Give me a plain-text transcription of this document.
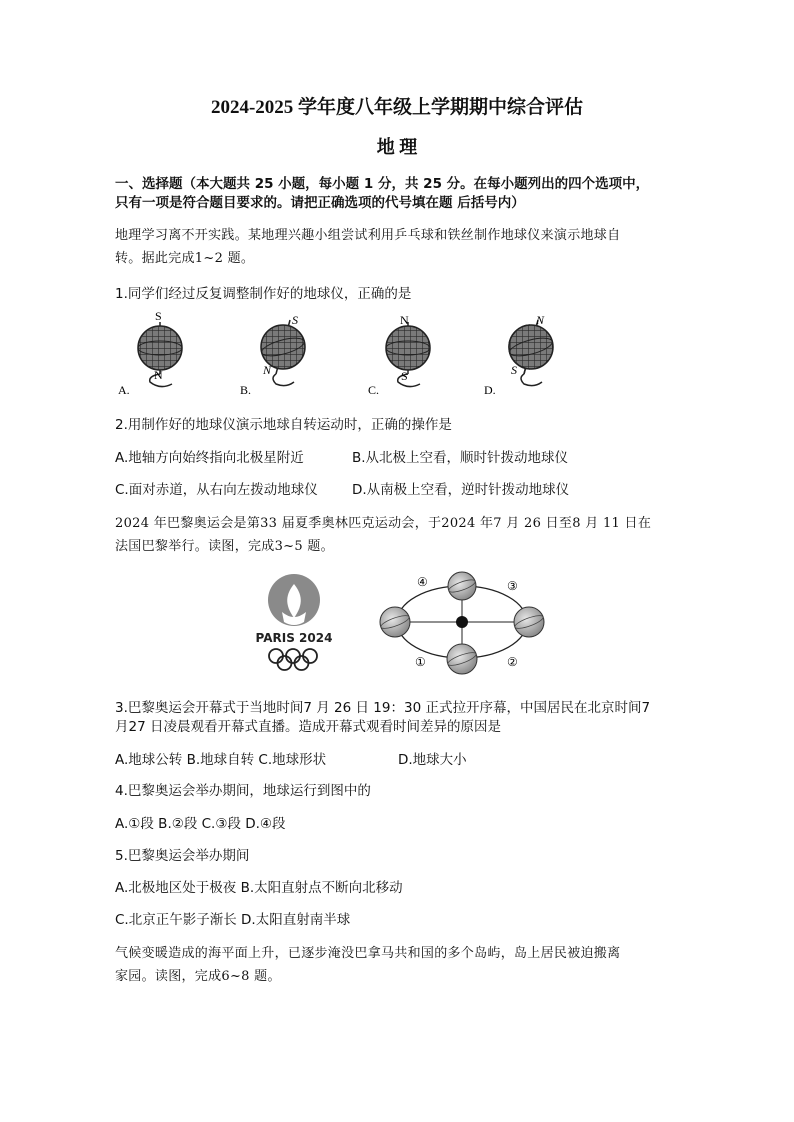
2024-2025 学年度八年级上学期期中综合评估
地 理
一、选择题（本大题共 25 小题，每小题 1 分，共 25 分。在每小题列出的四个选项中，
只有一项是符合题目要求的。请把正确选项的代号填在题 后括号内）
地理学习离不开实践。某地理兴趣小组尝试利用乒乓球和铁丝制作地球仪来演示地球自
转。据此完成1~2 题。
1.同学们经过反复调整制作好的地球仪，正确的是
S
N
A.
S
N
B.
N
S
C.
N
S
D.
2.用制作好的地球仪演示地球自转运动时，正确的操作是
A.地轴方向始终指向北极星附近	B.从北极上空看，顺时针拨动地球仪
C.面对赤道，从右向左拨动地球仪	D.从南极上空看，逆时针拨动地球仪
2024 年巴黎奥运会是第33 届夏季奥林匹克运动会，于2024 年7 月 26 日至8 月 11 日在
法国巴黎举行。读图，完成3~5 题。
PARIS 2024
④	③
①	②
3.巴黎奥运会开幕式于当地时间7 月 26 日 19：30 正式拉开序幕，中国居民在北京时间7
月27 日凌晨观看开幕式直播。造成开幕式观看时间差异的原因是
A.地球公转 B.地球自转 C.地球形状	D.地球大小
4.巴黎奥运会举办期间，地球运行到图中的
A.①段 B.②段 C.③段 D.④段
5.巴黎奥运会举办期间
A.北极地区处于极夜 B.太阳直射点不断向北移动
C.北京正午影子渐长 D.太阳直射南半球
气候变暖造成的海平面上升，已逐步淹没巴拿马共和国的多个岛屿，岛上居民被迫搬离
家园。读图，完成6~8 题。
